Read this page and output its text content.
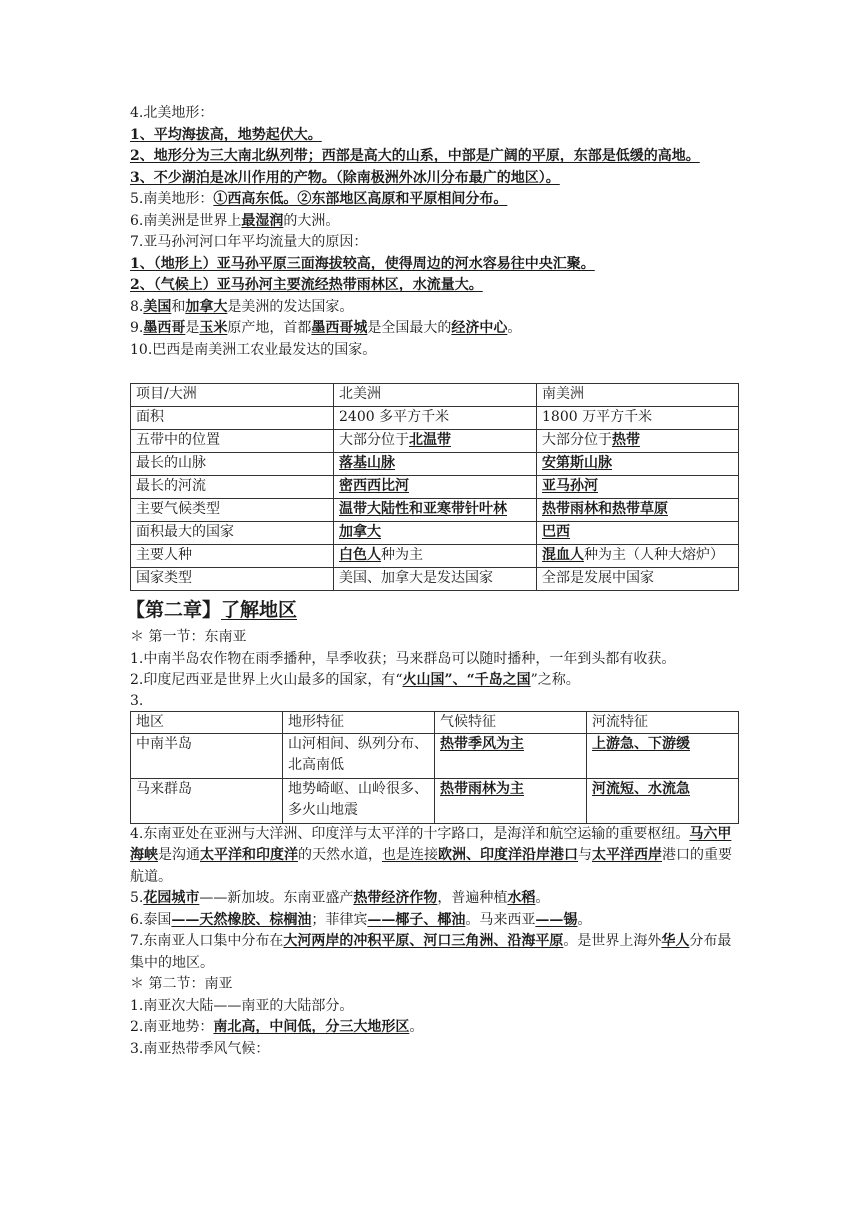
4.北美地形：
1、平均海拔高，地势起伏大。
2、地形分为三大南北纵列带；西部是高大的山系，中部是广阔的平原，东部是低缓的高地。
3、不少湖泊是冰川作用的产物。（除南极洲外冰川分布最广的地区）。
5.南美地形：①西高东低。②东部地区高原和平原相间分布。
6.南美洲是世界上最湿润的大洲。
7.亚马孙河河口年平均流量大的原因：
1、（地形上）亚马孙平原三面海拔较高，使得周边的河水容易往中央汇聚。
2、（气候上）亚马孙河主要流经热带雨林区，水流量大。
8.美国和加拿大是美洲的发达国家。
9.墨西哥是玉米原产地，首都墨西哥城是全国最大的经济中心。
10.巴西是南美洲工农业最发达的国家。
项目/大洲	北美洲	南美洲
面积	2400 多平方千米	1800 万平方千米
五带中的位置	大部分位于北温带	大部分位于热带
最长的山脉	落基山脉	安第斯山脉
最长的河流	密西西比河	亚马孙河
主要气候类型	温带大陆性和亚寒带针叶林	热带雨林和热带草原
面积最大的国家	加拿大	巴西
主要人种	白色人种为主	混血人种为主（人种大熔炉）
国家类型	美国、加拿大是发达国家	全部是发展中国家
【第二章】了解地区
＊ 第一节：东南亚
1.中南半岛农作物在雨季播种，旱季收获；马来群岛可以随时播种，一年到头都有收获。
2.印度尼西亚是世界上火山最多的国家，有“火山国”、“千岛之国”之称。
3.
地区	地形特征	气候特征	河流特征
中南半岛	山河相间、纵列分布、北高南低	热带季风为主	上游急、下游缓
马来群岛	地势崎岖、山岭很多、多火山地震	热带雨林为主	河流短、水流急
4.东南亚处在亚洲与大洋洲、印度洋与太平洋的十字路口，是海洋和航空运输的重要枢纽。马六甲海峡是沟通太平洋和印度洋的天然水道，也是连接欧洲、印度洋沿岸港口与太平洋西岸港口的重要航道。
5.花园城市——新加坡。东南亚盛产热带经济作物，普遍种植水稻。
6.泰国——天然橡胶、棕榈油；菲律宾——椰子、椰油。马来西亚——锡。
7.东南亚人口集中分布在大河两岸的冲积平原、河口三角洲、沿海平原。是世界上海外华人分布最集中的地区。
＊ 第二节：南亚
1.南亚次大陆——南亚的大陆部分。
2.南亚地势：南北高，中间低，分三大地形区。
3.南亚热带季风气候：
